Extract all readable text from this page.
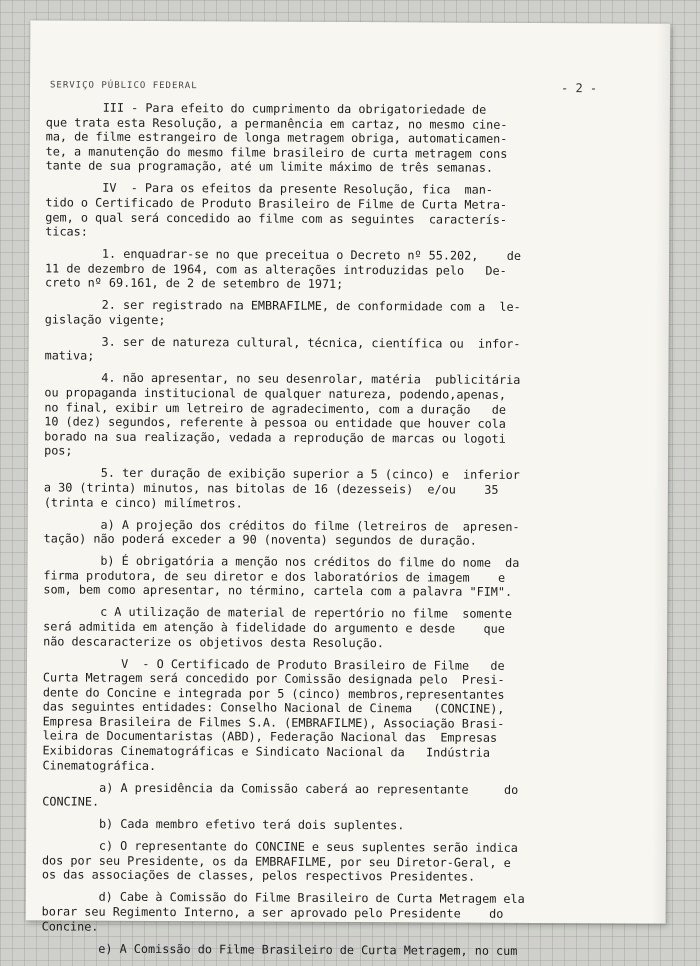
SERVIÇO PÚBLICO FEDERAL	- 2 -
III - Para efeito do cumprimento da obrigatoriedade de
que trata esta Resolução, a permanência em cartaz, no mesmo cine-
ma, de filme estrangeiro de longa metragem obriga, automaticamen-
te, a manutenção do mesmo filme brasileiro de curta metragem cons
tante de sua programação, até um limite máximo de três semanas.
IV  - Para os efeitos da presente Resolução, fica  man-
tido o Certificado de Produto Brasileiro de Filme de Curta Metra-
gem, o qual será concedido ao filme com as seguintes  caracterís-
ticas:
1. enquadrar-se no que preceitua o Decreto nº 55.202,    de
11 de dezembro de 1964, com as alterações introduzidas pelo   De-
creto nº 69.161, de 2 de setembro de 1971;
2. ser registrado na EMBRAFILME, de conformidade com a  le-
gislação vigente;
3. ser de natureza cultural, técnica, científica ou  infor-
mativa;
4. não apresentar, no seu desenrolar, matéria  publicitária
ou propaganda institucional de qualquer natureza, podendo,apenas,
no final, exibir um letreiro de agradecimento, com a duração   de
10 (dez) segundos, referente à pessoa ou entidade que houver cola
borado na sua realização, vedada a reprodução de marcas ou logoti
pos;
5. ter duração de exibição superior a 5 (cinco) e  inferior
a 30 (trinta) minutos, nas bitolas de 16 (dezesseis)  e/ou    35
(trinta e cinco) milímetros.
a) A projeção dos créditos do filme (letreiros de  apresen-
tação) não poderá exceder a 90 (noventa) segundos de duração.
b) É obrigatória a menção nos créditos do filme do nome  da
firma produtora, de seu diretor e dos laboratórios de imagem    e
som, bem como apresentar, no término, cartela com a palavra "FIM".
c A utilização de material de repertório no filme  somente
será admitida em atenção à fidelidade do argumento e desde    que
não descaracterize os objetivos desta Resolução.
V  - O Certificado de Produto Brasileiro de Filme   de
Curta Metragem será concedido por Comissão designada pelo  Presi-
dente do Concine e integrada por 5 (cinco) membros,representantes
das seguintes entidades: Conselho Nacional de Cinema   (CONCINE),
Empresa Brasileira de Filmes S.A. (EMBRAFILME), Associação Brasi-
leira de Documentaristas (ABD), Federação Nacional das  Empresas
Exibidoras Cinematográficas e Sindicato Nacional da   Indústria
Cinematográfica.
a) A presidência da Comissão caberá ao representante     do
CONCINE.
b) Cada membro efetivo terá dois suplentes.
c) O representante do CONCINE e seus suplentes serão indica
dos por seu Presidente, os da EMBRAFILME, por seu Diretor-Geral, e
os das associações de classes, pelos respectivos Presidentes.
d) Cabe à Comissão do Filme Brasileiro de Curta Metragem ela
borar seu Regimento Interno, a ser aprovado pelo Presidente    do
Concine.
e) A Comissão do Filme Brasileiro de Curta Metragem, no cum
